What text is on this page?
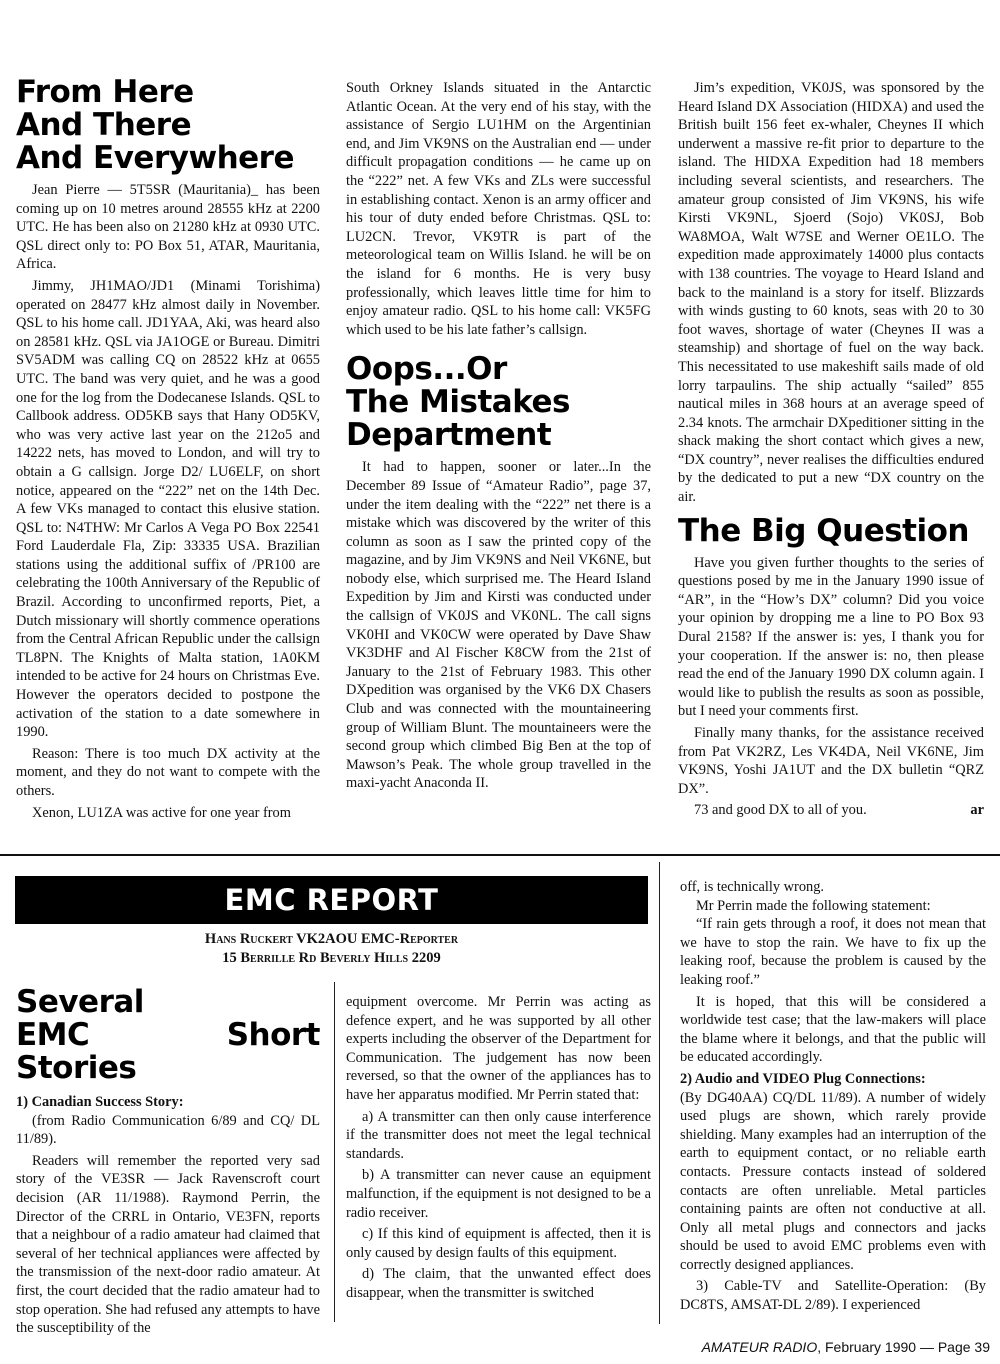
From Here
And There
And Everywhere

Jean Pierre — 5T5SR (Mauritania)_ has been coming up on 10 metres around 28555 kHz at 2200 UTC. He has been also on 21280 kHz at 0930 UTC. QSL direct only to: PO Box 51, ATAR, Mauritania, Africa.

Jimmy, JH1MAO/JD1 (Minami Torishima) operated on 28477 kHz almost daily in November. QSL to his home call. JD1YAA, Aki, was heard also on 28581 kHz. QSL via JA1OGE or Bureau. Dimitri SV5ADM was calling CQ on 28522 kHz at 0655 UTC. The band was very quiet, and he was a good one for the log from the Dodecanese Islands. QSL to Callbook address. OD5KB says that Hany OD5KV, who was very active last year on the 212o5 and 14222 nets, has moved to London, and will try to obtain a G callsign. Jorge D2/ LU6ELF, on short notice, appeared on the “222” net on the 14th Dec. A few VKs managed to contact this elusive station. QSL to: N4THW: Mr Carlos A Vega PO Box 22541 Ford Lauderdale Fla, Zip: 33335 USA. Brazilian stations using the additional suffix of /PR100 are celebrating the 100th Anniversary of the Republic of Brazil. According to unconfirmed reports, Piet, a Dutch missionary will shortly commence operations from the Central African Republic under the callsign TL8PN. The Knights of Malta station, 1A0KM intended to be active for 24 hours on Christmas Eve. However the operators decided to postpone the activation of the station to a date somewhere in 1990.

Reason: There is too much DX activity at the moment, and they do not want to compete with the others.

Xenon, LU1ZA was active for one year from

South Orkney Islands situated in the Antarctic Atlantic Ocean. At the very end of his stay, with the assistance of Sergio LU1HM on the Argentinian end, and Jim VK9NS on the Australian end — under difficult propagation conditions — he came up on the “222” net. A few VKs and ZLs were successful in establishing contact. Xenon is an army officer and his tour of duty ended before Christmas. QSL to: LU2CN. Trevor, VK9TR is part of the meteorological team on Willis Island. he will be on the island for 6 months. He is very busy professionally, which leaves little time for him to enjoy amateur radio. QSL to his home call: VK5FG which used to be his late father’s callsign.

Oops...Or
The Mistakes
Department

It had to happen, sooner or later...In the December 89 Issue of “Amateur Radio”, page 37, under the item dealing with the “222” net there is a mistake which was discovered by the writer of this column as soon as I saw the printed copy of the magazine, and by Jim VK9NS and Neil VK6NE, but nobody else, which surprised me. The Heard Island Expedition by Jim and Kirsti was conducted under the callsign of VK0JS and VK0NL. The call signs VK0HI and VK0CW were operated by Dave Shaw VK3DHF and Al Fischer K8CW from the 21st of January to the 21st of February 1983. This other DXpedition was organised by the VK6 DX Chasers Club and was connected with the mountaineering group of William Blunt. The mountaineers were the second group which climbed Big Ben at the top of Mawson’s Peak. The whole group travelled in the maxi-yacht Anaconda II.

Jim’s expedition, VK0JS, was sponsored by the Heard Island DX Association (HIDXA) and used the British built 156 feet ex-whaler, Cheynes II which underwent a massive re-fit prior to departure to the island. The HIDXA Expedition had 18 members including several scientists, and researchers. The amateur group consisted of Jim VK9NS, his wife Kirsti VK9NL, Sjoerd (Sojo) VK0SJ, Bob WA8MOA, Walt W7SE and Werner OE1LO. The expedition made approximately 14000 plus contacts with 138 countries. The voyage to Heard Island and back to the mainland is a story for itself. Blizzards with winds gusting to 60 knots, seas with 20 to 30 foot waves, shortage of water (Cheynes II was a steamship) and shortage of fuel on the way back. This necessitated to use makeshift sails made of old lorry tarpaulins. The ship actually “sailed” 855 nautical miles in 368 hours at an average speed of 2.34 knots. The armchair DXpeditioner sitting in the shack making the short contact which gives a new, “DX country”, never realises the difficulties endured by the dedicated to put a new “DX country on the air.

The Big Question

Have you given further thoughts to the series of questions posed by me in the January 1990 issue of “AR”, in the “How’s DX” column? Did you voice your opinion by dropping me a line to PO Box 93 Dural 2158? If the answer is: yes, I thank you for your cooperation. If the answer is: no, then please read the end of the January 1990 DX column again. I would like to publish the results as soon as possible, but I need your comments first.

Finally many thanks, for the assistance received from Pat VK2RZ, Les VK4DA, Neil VK6NE, Jim VK9NS, Yoshi JA1UT and the DX bulletin “QRZ DX”.

73 and good DX to all of you.	ar

EMC REPORT
Hans Ruckert VK2AOU EMC-Reporter
15 Berrille Rd Beverly Hills 2209
Several
EMC Short Stories

1) Canadian Success Story:

(from Radio Communication 6/89 and CQ/ DL 11/89).

Readers will remember the reported very sad story of the VE3SR — Jack Ravenscroft court decision (AR 11/1988). Raymond Perrin, the Director of the CRRL in Ontario, VE3FN, reports that a neighbour of a radio amateur had claimed that several of her technical appliances were affected by the transmission of the next-door radio amateur. At first, the court decided that the radio amateur had to stop operation. She had refused any attempts to have the susceptibility of the

equipment overcome. Mr Perrin was acting as defence expert, and he was supported by all other experts including the observer of the Department for Communication. The judgement has now been reversed, so that the owner of the appliances has to have her apparatus modified. Mr Perrin stated that:

a) A transmitter can then only cause interference if the transmitter does not meet the legal technical standards.

b) A transmitter can never cause an equipment malfunction, if the equipment is not designed to be a radio receiver.

c) If this kind of equipment is affected, then it is only caused by design faults of this equipment.

d) The claim, that the unwanted effect does disappear, when the transmitter is switched

off, is technically wrong.

Mr Perrin made the following statement:

“If rain gets through a roof, it does not mean that we have to stop the rain. We have to fix up the leaking roof, because the problem is caused by the leaking roof.”

It is hoped, that this will be considered a worldwide test case; that the law-makers will place the blame where it belongs, and that the public will be educated accordingly.

2) Audio and VIDEO Plug Connections:

(By DG40AA) CQ/DL 11/89). A number of widely used plugs are shown, which rarely provide shielding. Many examples had an interruption of the earth to equipment contact, or no reliable earth contacts. Pressure contacts instead of soldered contacts are often unreliable. Metal particles containing paints are often not conductive at all. Only all metal plugs and connectors and jacks should be used to avoid EMC problems even with correctly designed appliances.

3) Cable-TV and Satellite-Operation: (By DC8TS, AMSAT-DL 2/89). I experienced

AMATEUR RADIO, February 1990 — Page 39
